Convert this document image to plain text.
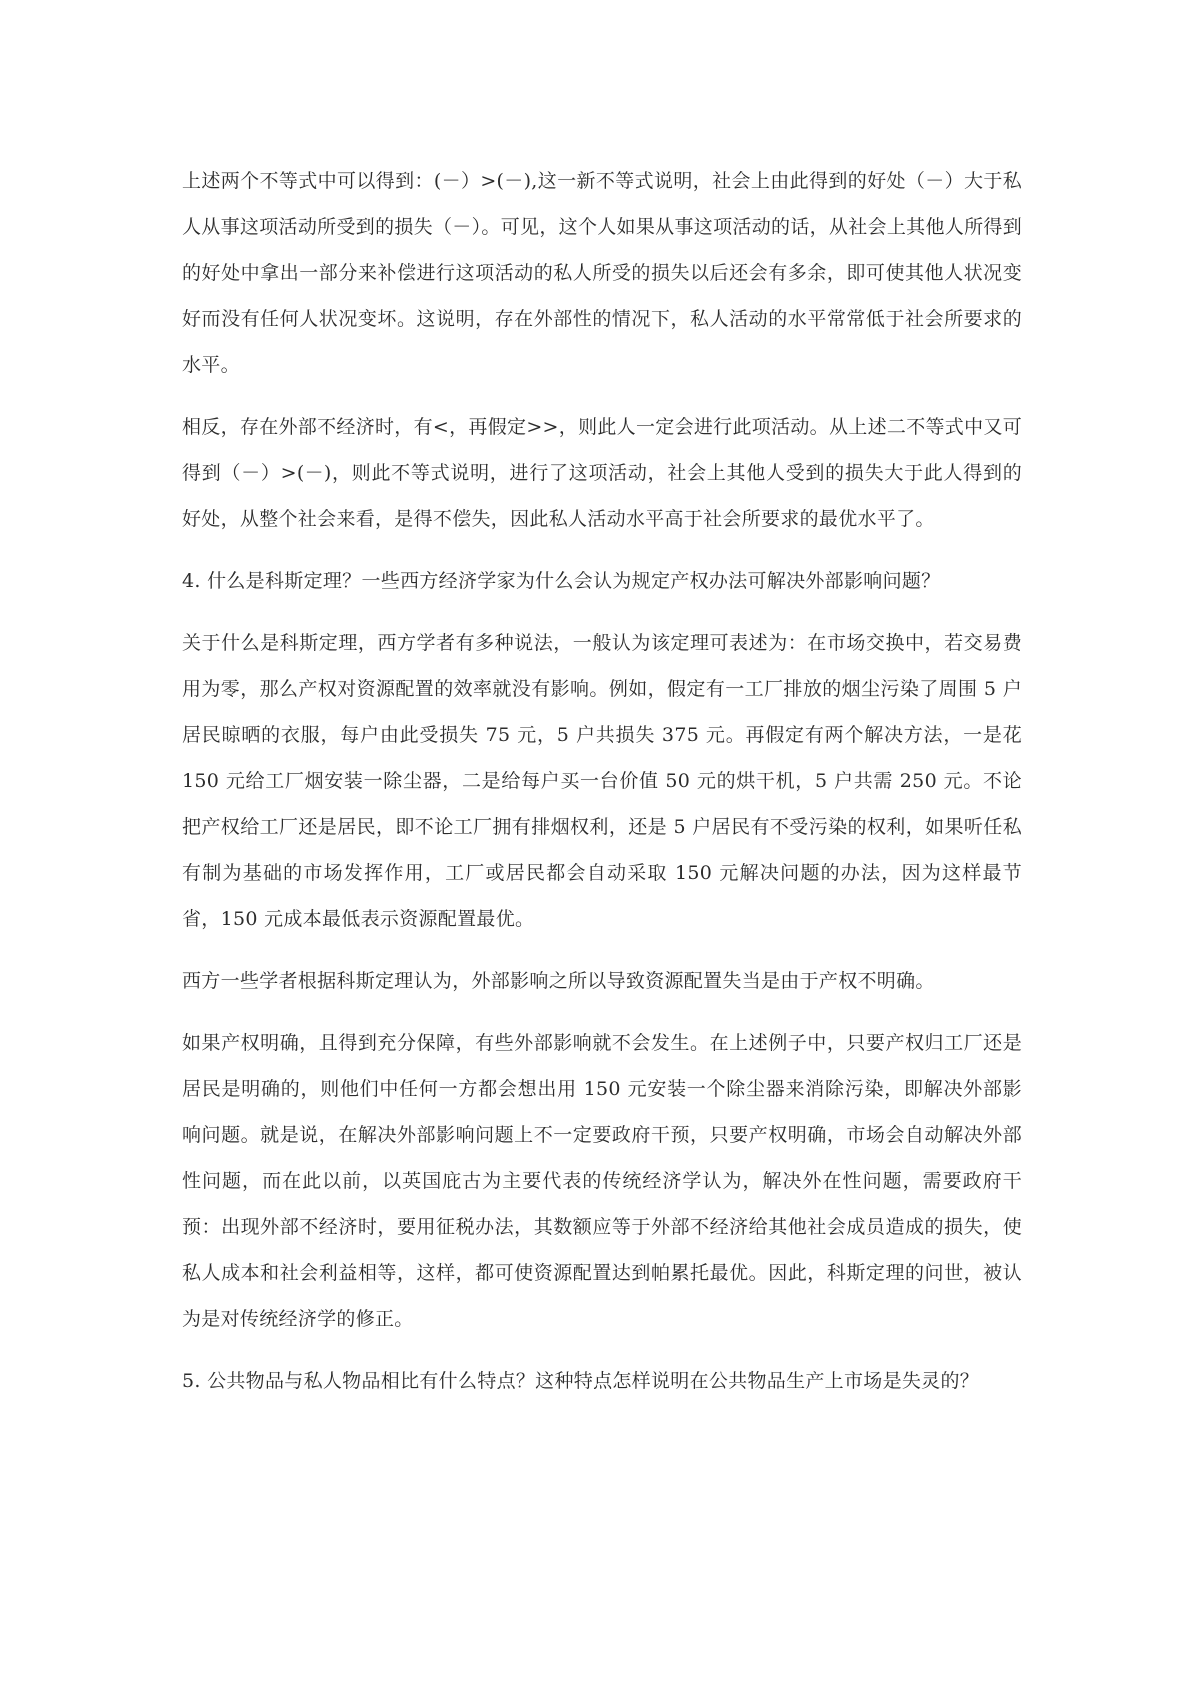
上述两个不等式中可以得到：(－）>(－),这一新不等式说明，社会上由此得到的好处（－）大于私人从事这项活动所受到的损失（－）。可见，这个人如果从事这项活动的话，从社会上其他人所得到的好处中拿出一部分来补偿进行这项活动的私人所受的损失以后还会有多余，即可使其他人状况变好而没有任何人状况变坏。这说明，存在外部性的情况下，私人活动的水平常常低于社会所要求的水平。

相反，存在外部不经济时，有<，再假定>>，则此人一定会进行此项活动。从上述二不等式中又可得到（－）>(－)，则此不等式说明，进行了这项活动，社会上其他人受到的损失大于此人得到的好处，从整个社会来看，是得不偿失，因此私人活动水平高于社会所要求的最优水平了。

4. 什么是科斯定理？一些西方经济学家为什么会认为规定产权办法可解决外部影响问题？

关于什么是科斯定理，西方学者有多种说法，一般认为该定理可表述为：在市场交换中，若交易费用为零，那么产权对资源配置的效率就没有影响。例如，假定有一工厂排放的烟尘污染了周围 5 户居民晾晒的衣服，每户由此受损失 75 元，5 户共损失 375 元。再假定有两个解决方法，一是花 150 元给工厂烟安装一除尘器，二是给每户买一台价值 50 元的烘干机，5 户共需 250 元。不论把产权给工厂还是居民，即不论工厂拥有排烟权利，还是 5 户居民有不受污染的权利，如果听任私有制为基础的市场发挥作用，工厂或居民都会自动采取 150 元解决问题的办法，因为这样最节省，150 元成本最低表示资源配置最优。

西方一些学者根据科斯定理认为，外部影响之所以导致资源配置失当是由于产权不明确。

如果产权明确，且得到充分保障，有些外部影响就不会发生。在上述例子中，只要产权归工厂还是居民是明确的，则他们中任何一方都会想出用 150 元安装一个除尘器来消除污染，即解决外部影响问题。就是说，在解决外部影响问题上不一定要政府干预，只要产权明确，市场会自动解决外部性问题，而在此以前，以英国庇古为主要代表的传统经济学认为，解决外在性问题，需要政府干预：出现外部不经济时，要用征税办法，其数额应等于外部不经济给其他社会成员造成的损失，使私人成本和社会利益相等，这样，都可使资源配置达到帕累托最优。因此，科斯定理的问世，被认为是对传统经济学的修正。

5. 公共物品与私人物品相比有什么特点？这种特点怎样说明在公共物品生产上市场是失灵的？
